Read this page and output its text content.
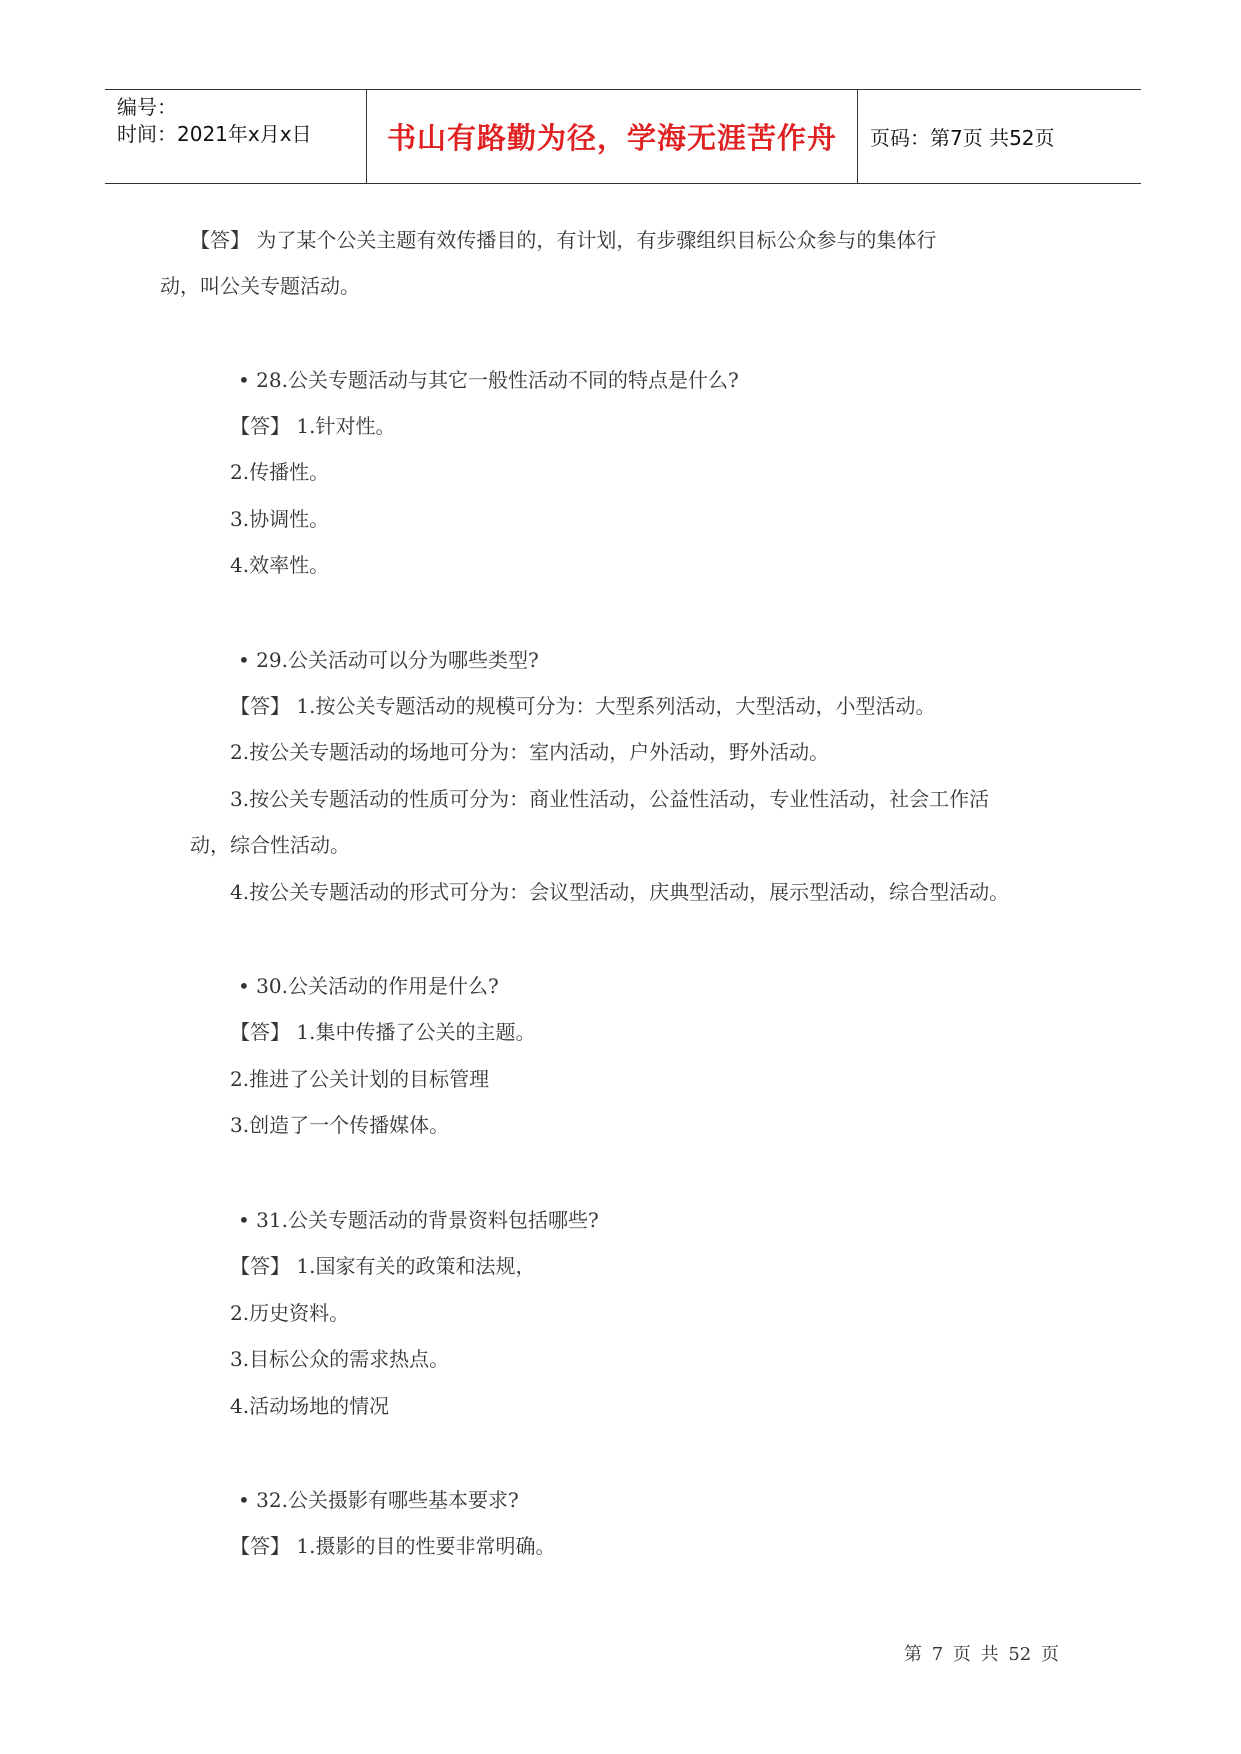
编号：
时间：2021年x月x日	书山有路勤为径，学海无涯苦作舟	页码：第7页 共52页
【答】 为了某个公关主题有效传播目的，有计划，有步骤组织目标公众参与的集体行
动，叫公关专题活动。
• 28.公关专题活动与其它一般性活动不同的特点是什么?
【答】 1.针对性。
2.传播性。
3.协调性。
4.效率性。
• 29.公关活动可以分为哪些类型?
【答】 1.按公关专题活动的规模可分为：大型系列活动，大型活动，小型活动。
2.按公关专题活动的场地可分为：室内活动，户外活动，野外活动。
3.按公关专题活动的性质可分为：商业性活动，公益性活动，专业性活动，社会工作活
动，综合性活动。
4.按公关专题活动的形式可分为：会议型活动，庆典型活动，展示型活动，综合型活动。
• 30.公关活动的作用是什么?
【答】 1.集中传播了公关的主题。
2.推进了公关计划的目标管理
3.创造了一个传播媒体。
• 31.公关专题活动的背景资料包括哪些?
【答】 1.国家有关的政策和法规，
2.历史资料。
3.目标公众的需求热点。
4.活动场地的情况
• 32.公关摄影有哪些基本要求?
【答】 1.摄影的目的性要非常明确。
第 7 页 共 52 页
